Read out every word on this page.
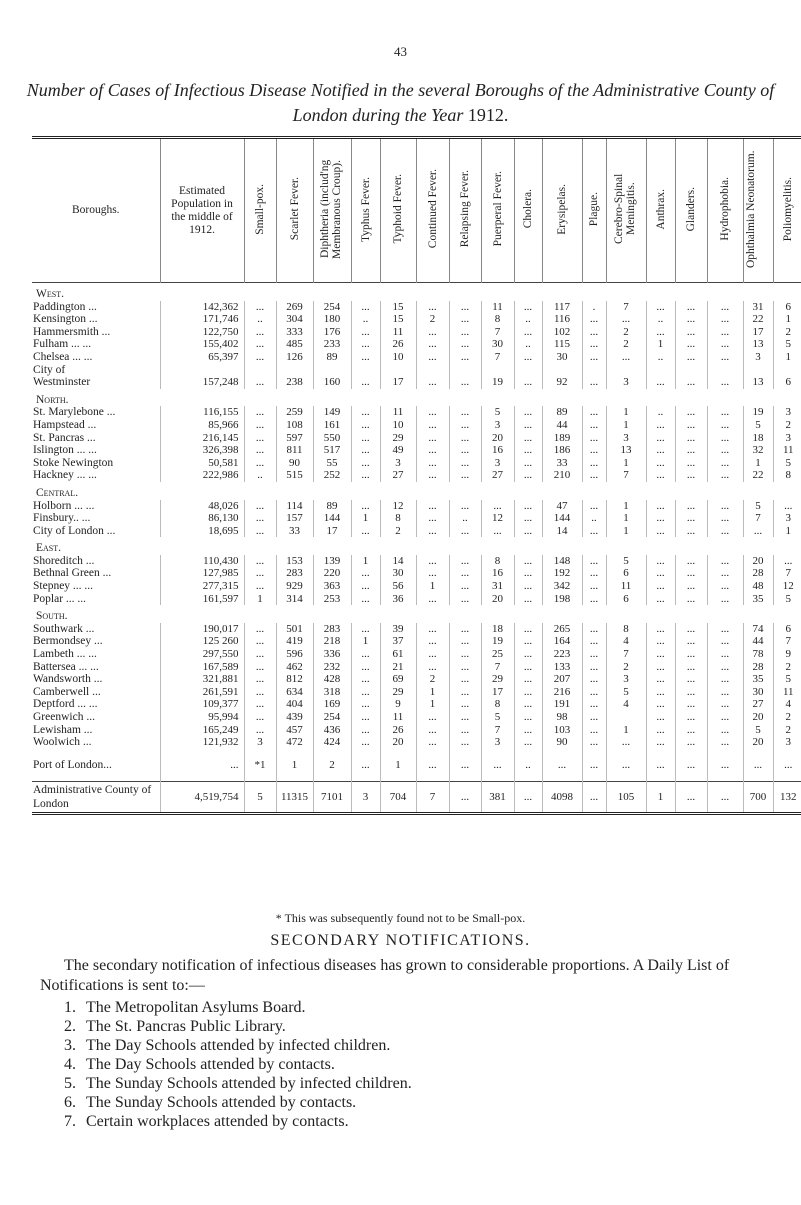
43
Number of Cases of Infectious Disease Notified in the several Boroughs of the Administrative County of London during the Year 1912.
Boroughs.	Estimated Population in the middle of 1912.	Small-pox.	Scarlet Fever.	Diphtheria (includ'ng Membranous Croup).	Typhus Fever.	Typhoid Fever.	Continued Fever.	Relapsing Fever.	Puerperal Fever.	Cholera.	Erysipelas.	Plague.	Cerebro-Spinal Meningitis.	Anthrax.	Glanders.	Hydrophobia.	Ophthalmia Neonatorum.	Poliomyelitis.
West.																		
Paddington ...	142,362	...	269	254	...	15	...	...	11	...	117	.	7	...	...	...	31	6
Kensington ...	171,746	..	304	180	..	15	2	...	8	..	116	...	...	..	...	...	22	1
Hammersmith ...	122,750	...	333	176	...	11	...	...	7	...	102	...	2	...	...	...	17	2
Fulham ... ...	155,402	...	485	233	...	26	...	...	30	..	115	...	2	1	...	...	13	5
Chelsea ... ...	65,397	...	126	89	...	10	...	...	7	...	30	...	...	..	...	...	3	1
City of																		
Westminster	157,248	...	238	160	...	17	...	...	19	...	92	...	3	...	...	...	13	6
North.																		
St. Marylebone ...	116,155	...	259	149	...	11	...	...	5	...	89	...	1	..	...	...	19	3
Hampstead ...	85,966	...	108	161	...	10	...	...	3	...	44	...	1	...	...	...	5	2
St. Pancras ...	216,145	...	597	550	...	29	...	...	20	...	189	...	3	...	...	...	18	3
Islington ... ...	326,398	...	811	517	...	49	...	...	16	...	186	...	13	...	...	...	32	11
Stoke Newington	50,581	...	90	55	...	3	...	...	3	...	33	...	1	...	...	...	1	5
Hackney ... ...	222,986	..	515	252	...	27	...	...	27	...	210	...	7	...	...	...	22	8
Central.																		
Holborn ... ...	48,026	...	114	89	...	12	...	...	...	...	47	...	1	...	...	...	5	...
Finsbury.. ...	86,130	...	157	144	1	8	...	..	12	...	144	..	1	...	...	...	7	3
City of London ...	18,695	...	33	17	...	2	...	...	...	...	14	...	1	...	...	...	...	1
East.																		
Shoreditch ...	110,430	...	153	139	1	14	...	...	8	...	148	...	5	...	...	...	20	...
Bethnal Green ...	127,985	...	283	220	...	30	...	...	16	...	192	...	6	...	...	...	28	7
Stepney ... ...	277,315	...	929	363	...	56	1	...	31	...	342	...	11	...	...	...	48	12
Poplar ... ...	161,597	1	314	253	...	36	...	...	20	...	198	...	6	...	...	...	35	5
South.																		
Southwark ...	190,017	...	501	283	...	39	...	...	18	...	265	...	8	...	...	...	74	6
Bermondsey ...	125 260	...	419	218	1	37	...	...	19	...	164	...	4	...	...	...	44	7
Lambeth ... ...	297,550	...	596	336	...	61	...	...	25	...	223	...	7	...	...	...	78	9
Battersea ... ...	167,589	...	462	232	...	21	...	...	7	...	133	...	2	...	...	...	28	2
Wandsworth ...	321,881	...	812	428	...	69	2	...	29	...	207	...	3	...	...	...	35	5
Camberwell ...	261,591	...	634	318	...	29	1	...	17	...	216	...	5	...	...	...	30	11
Deptford ... ...	109,377	...	404	169	...	9	1	...	8	...	191	...	4	...	...	...	27	4
Greenwich ...	95,994	...	439	254	...	11	...	...	5	...	98	...		...	...	...	20	2
Lewisham ...	165,249	...	457	436	...	26	...	...	7	...	103	...	1	...	...	...	5	2
Woolwich ...	121,932	3	472	424	...	20	...	...	3	...	90	...	...	...	...	...	20	3

Port of London...	...	*1	1	2	...	1	...	...	...	..	...	...	...	...	...	...	...	...

Administrative County of London	4,519,754	5	11315	7101	3	704	7	...	381	...	4098	...	105	1	...	...	700	132
* This was subsequently found not to be Small-pox.
SECONDARY NOTIFICATIONS.
The secondary notification of infectious diseases has grown to considerable proportions. A Daily List of Notifications is sent to:—
1. The Metropolitan Asylums Board.
2. The St. Pancras Public Library.
3. The Day Schools attended by infected children.
4. The Day Schools attended by contacts.
5. The Sunday Schools attended by infected children.
6. The Sunday Schools attended by contacts.
7. Certain workplaces attended by contacts.
